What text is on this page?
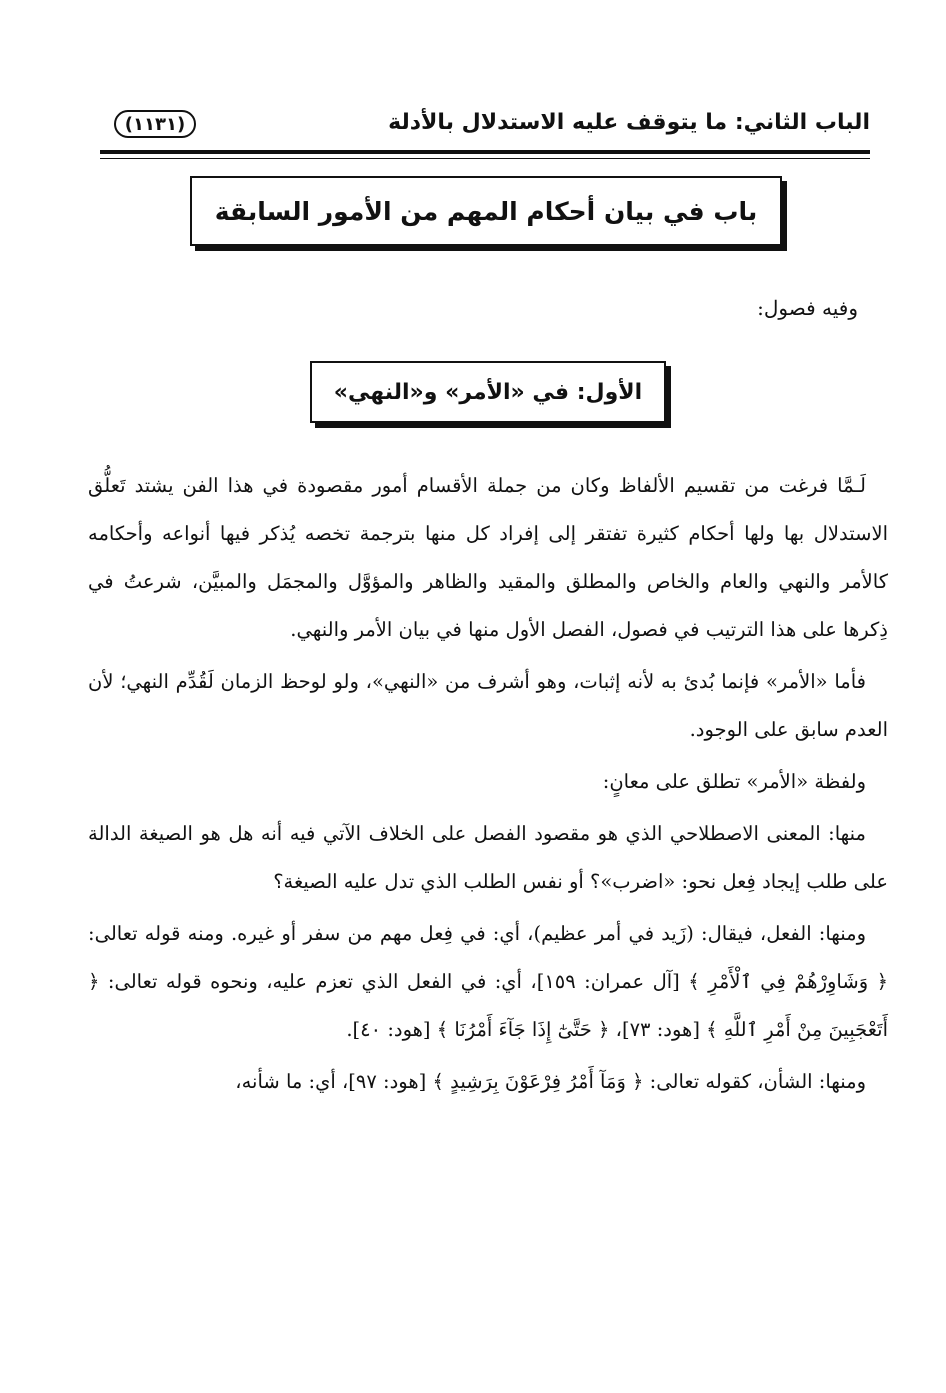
الباب الثاني: ما يتوقف عليه الاستدلال بالأدلة
(١١٣١)
باب في بيان أحكام المهم من الأمور السابقة
وفيه فصول:
الأول: في «الأمر» و«النهي»

لَـمَّا فرغت من تقسيم الألفاظ وكان من جملة الأقسام أمور مقصودة في هذا الفن يشتد تَعلُّق الاستدلال بها ولها أحكام كثيرة تفتقر إلى إفراد كل منها بترجمة تخصه يُذكر فيها أنواعه وأحكامه كالأمر والنهي والعام والخاص والمطلق والمقيد والظاهر والمؤوَّل والمجمَل والمبيَّن، شرعتُ في ذِكرها على هذا الترتيب في فصول، الفصل الأول منها في بيان الأمر والنهي.

فأما «الأمر» فإنما بُدئ به لأنه إثبات، وهو أشرف من «النهي»، ولو لوحظ الزمان لَقُدِّم النهي؛ لأن العدم سابق على الوجود.

ولفظة «الأمر» تطلق على معانٍ:

منها: المعنى الاصطلاحي الذي هو مقصود الفصل على الخلاف الآتي فيه أنه هل هو الصيغة الدالة على طلب إيجاد فِعل نحو: «اضرب»؟ أو نفس الطلب الذي تدل عليه الصيغة؟

ومنها: الفعل، فيقال: (زَيد في أمر عظيم)، أي: في فِعل مهم من سفر أو غيره. ومنه قوله تعالى: ﴿ وَشَاوِرْهُمْ فِي ٱلْأَمْرِ ﴾ [آل عمران: ١٥٩]، أي: في الفعل الذي تعزم عليه، ونحوه قوله تعالى: ﴿ أَتَعْجَبِينَ مِنْ أَمْرِ ٱللَّهِ ﴾ [هود: ٧٣]، ﴿ حَتَّىٰٓ إِذَا جَآءَ أَمْرُنَا ﴾ [هود: ٤٠].

ومنها: الشأن، كقوله تعالى: ﴿ وَمَآ أَمْرُ فِرْعَوْنَ بِرَشِيدٍ ﴾ [هود: ٩٧]، أي: ما شأنه،
